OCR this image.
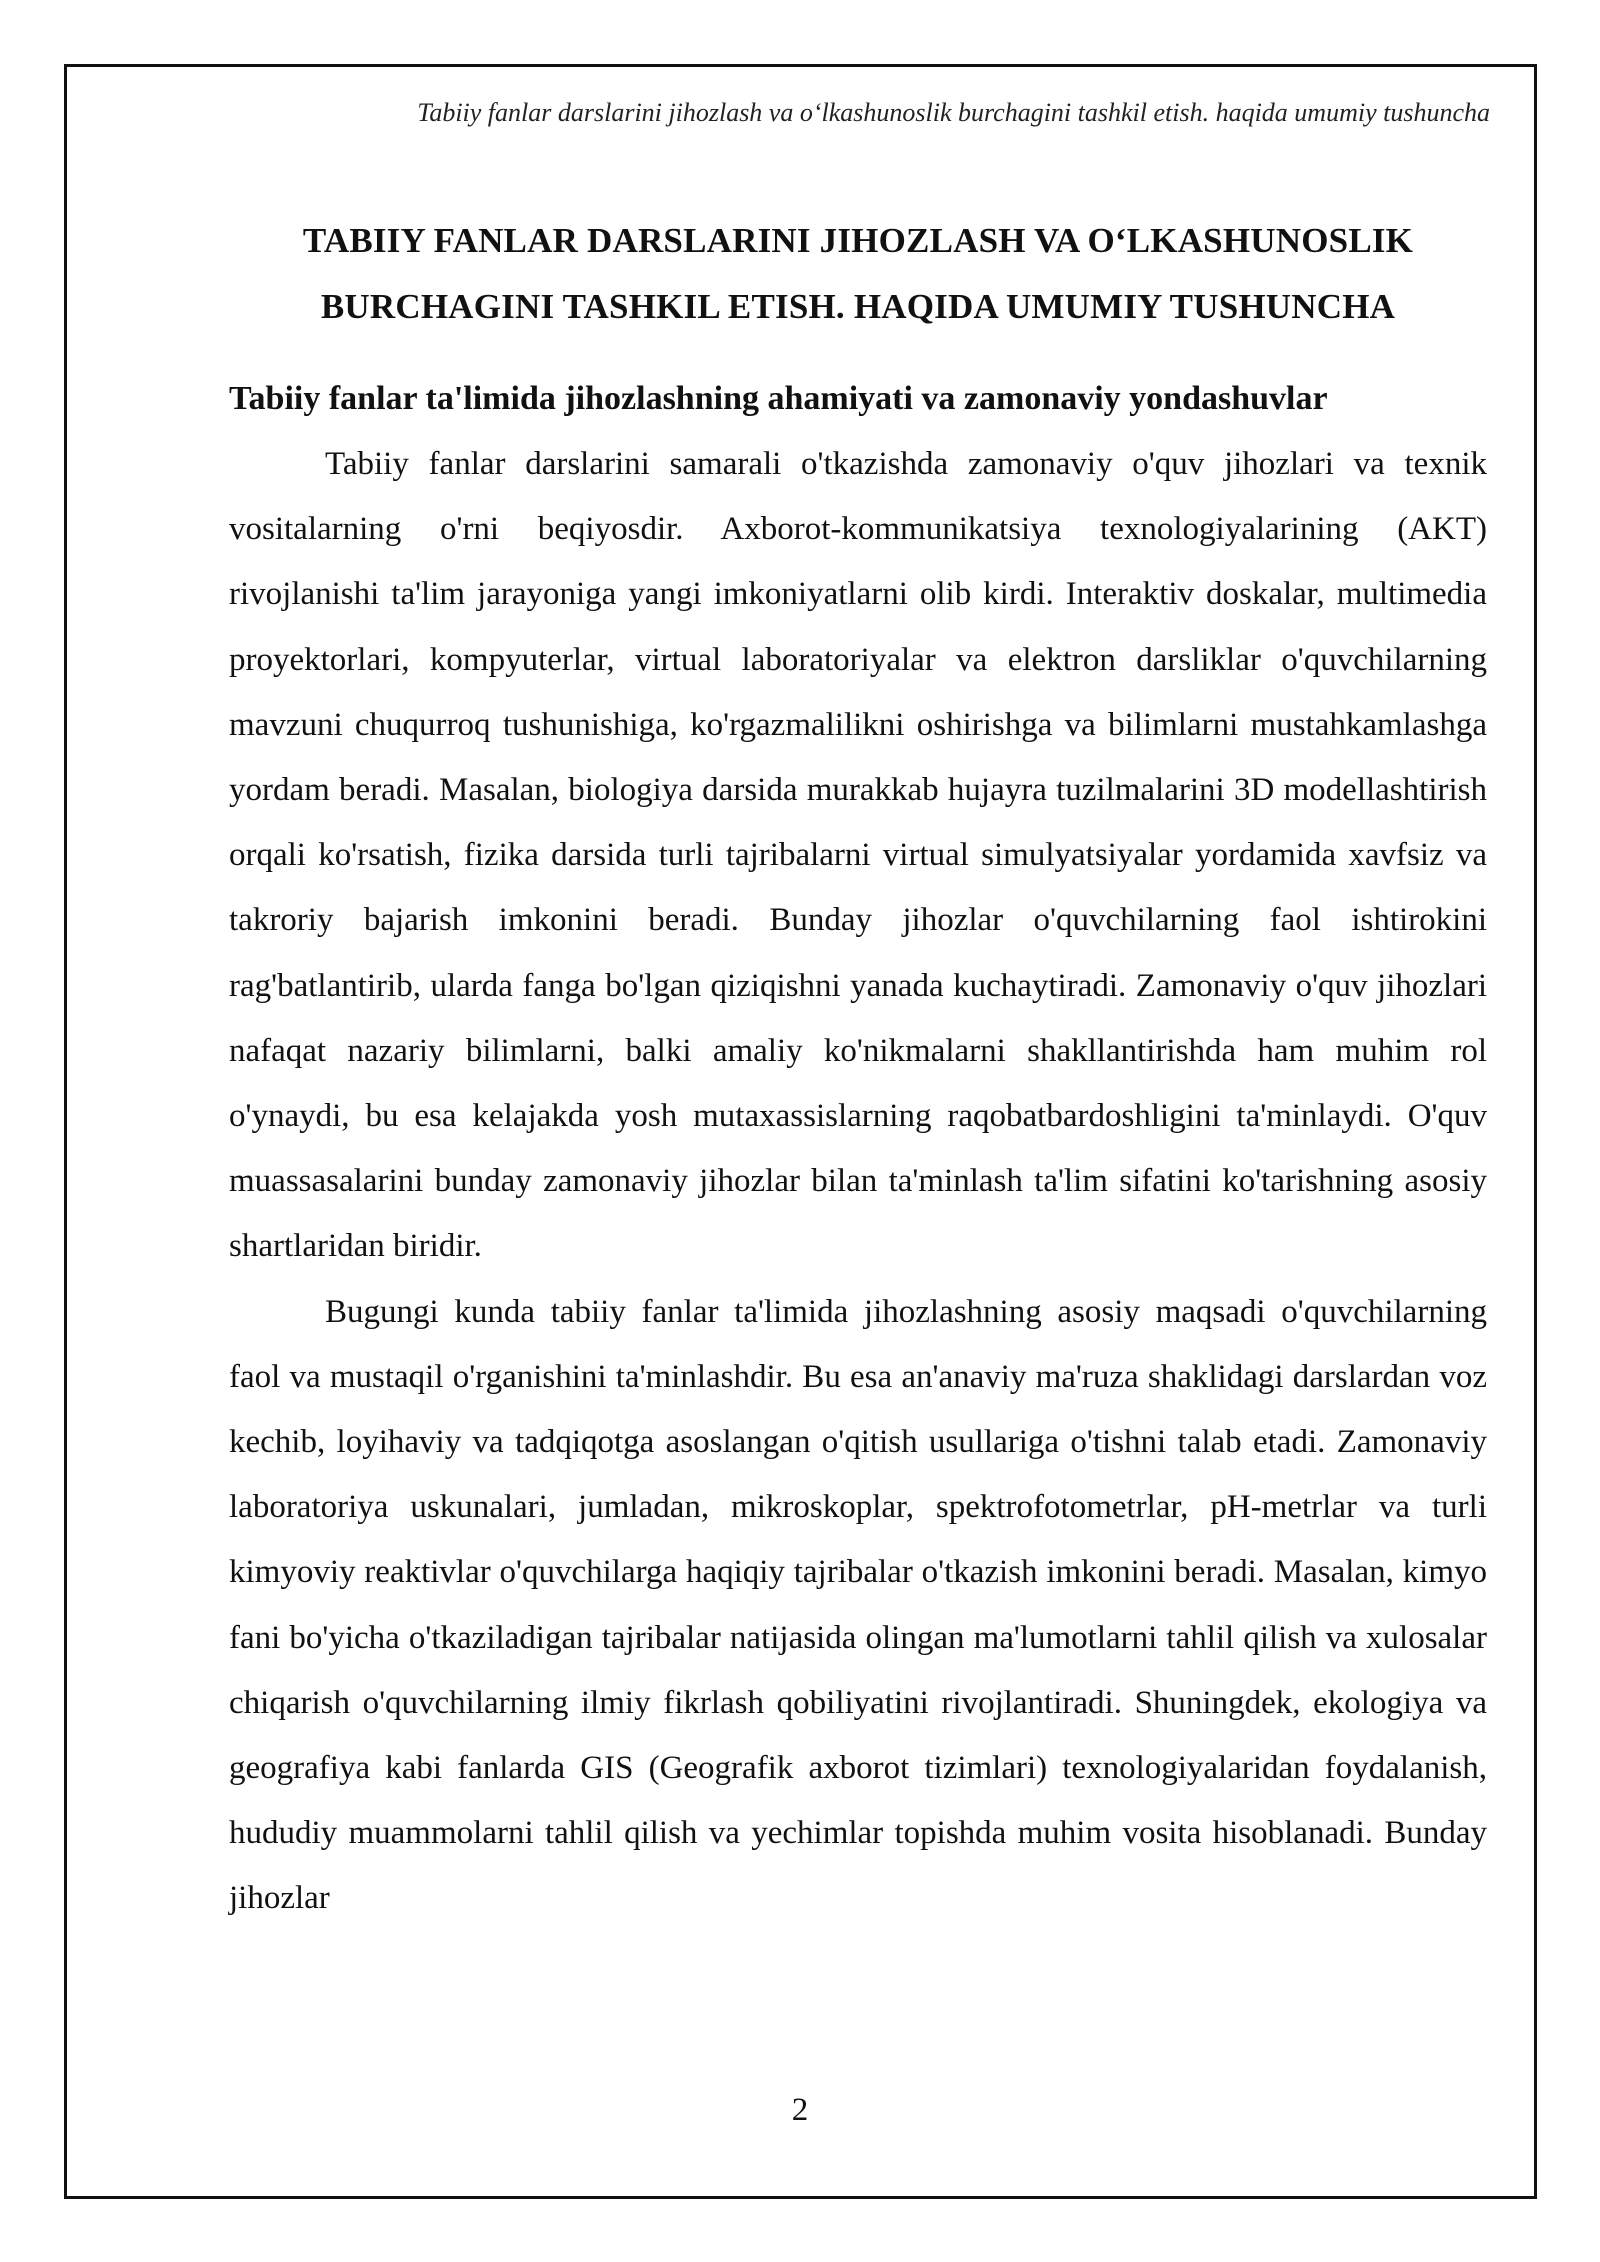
Tabiiy fanlar darslarini jihozlash va o‘lkashunoslik burchagini tashkil etish. haqida umumiy tushuncha
TABIIY FANLAR DARSLARINI JIHOZLASH VA O‘LKASHUNOSLIK
BURCHAGINI TASHKIL ETISH. HAQIDA UMUMIY TUSHUNCHA
Tabiiy fanlar ta'limida jihozlashning ahamiyati va zamonaviy yondashuvlar

Tabiiy fanlar darslarini samarali o'tkazishda zamonaviy o'quv jihozlari va texnik vositalarning o'rni beqiyosdir. Axborot-kommunikatsiya texnologiyalarining (AKT) rivojlanishi ta'lim jarayoniga yangi imkoniyatlarni olib kirdi. Interaktiv doskalar, multimedia proyektorlari, kompyuterlar, virtual laboratoriyalar va elektron darsliklar o'quvchilarning mavzuni chuqurroq tushunishiga, ko'rgazmalilikni oshirishga va bilimlarni mustahkamlashga yordam beradi. Masalan, biologiya darsida murakkab hujayra tuzilmalarini 3D modellashtirish orqali ko'rsatish, fizika darsida turli tajribalarni virtual simulyatsiyalar yordamida xavfsiz va takroriy bajarish imkonini beradi. Bunday jihozlar o'quvchilarning faol ishtirokini rag'batlantirib, ularda fanga bo'lgan qiziqishni yanada kuchaytiradi. Zamonaviy o'quv jihozlari nafaqat nazariy bilimlarni, balki amaliy ko'nikmalarni shakllantirishda ham muhim rol o'ynaydi, bu esa kelajakda yosh mutaxassislarning raqobatbardoshligini ta'minlaydi. O'quv muassasalarini bunday zamonaviy jihozlar bilan ta'minlash ta'lim sifatini ko'tarishning asosiy shartlaridan biridir.

Bugungi kunda tabiiy fanlar ta'limida jihozlashning asosiy maqsadi o'quvchilarning faol va mustaqil o'rganishini ta'minlashdir. Bu esa an'anaviy ma'ruza shaklidagi darslardan voz kechib, loyihaviy va tadqiqotga asoslangan o'qitish usullariga o'tishni talab etadi. Zamonaviy laboratoriya uskunalari, jumladan, mikroskoplar, spektrofotometrlar, pH-metrlar va turli kimyoviy reaktivlar o'quvchilarga haqiqiy tajribalar o'tkazish imkonini beradi. Masalan, kimyo fani bo'yicha o'tkaziladigan tajribalar natijasida olingan ma'lumotlarni tahlil qilish va xulosalar chiqarish o'quvchilarning ilmiy fikrlash qobiliyatini rivojlantiradi. Shuningdek, ekologiya va geografiya kabi fanlarda GIS (Geografik axborot tizimlari) texnologiyalaridan foydalanish, hududiy muammolarni tahlil qilish va yechimlar topishda muhim vosita hisoblanadi. Bunday jihozlar

2
